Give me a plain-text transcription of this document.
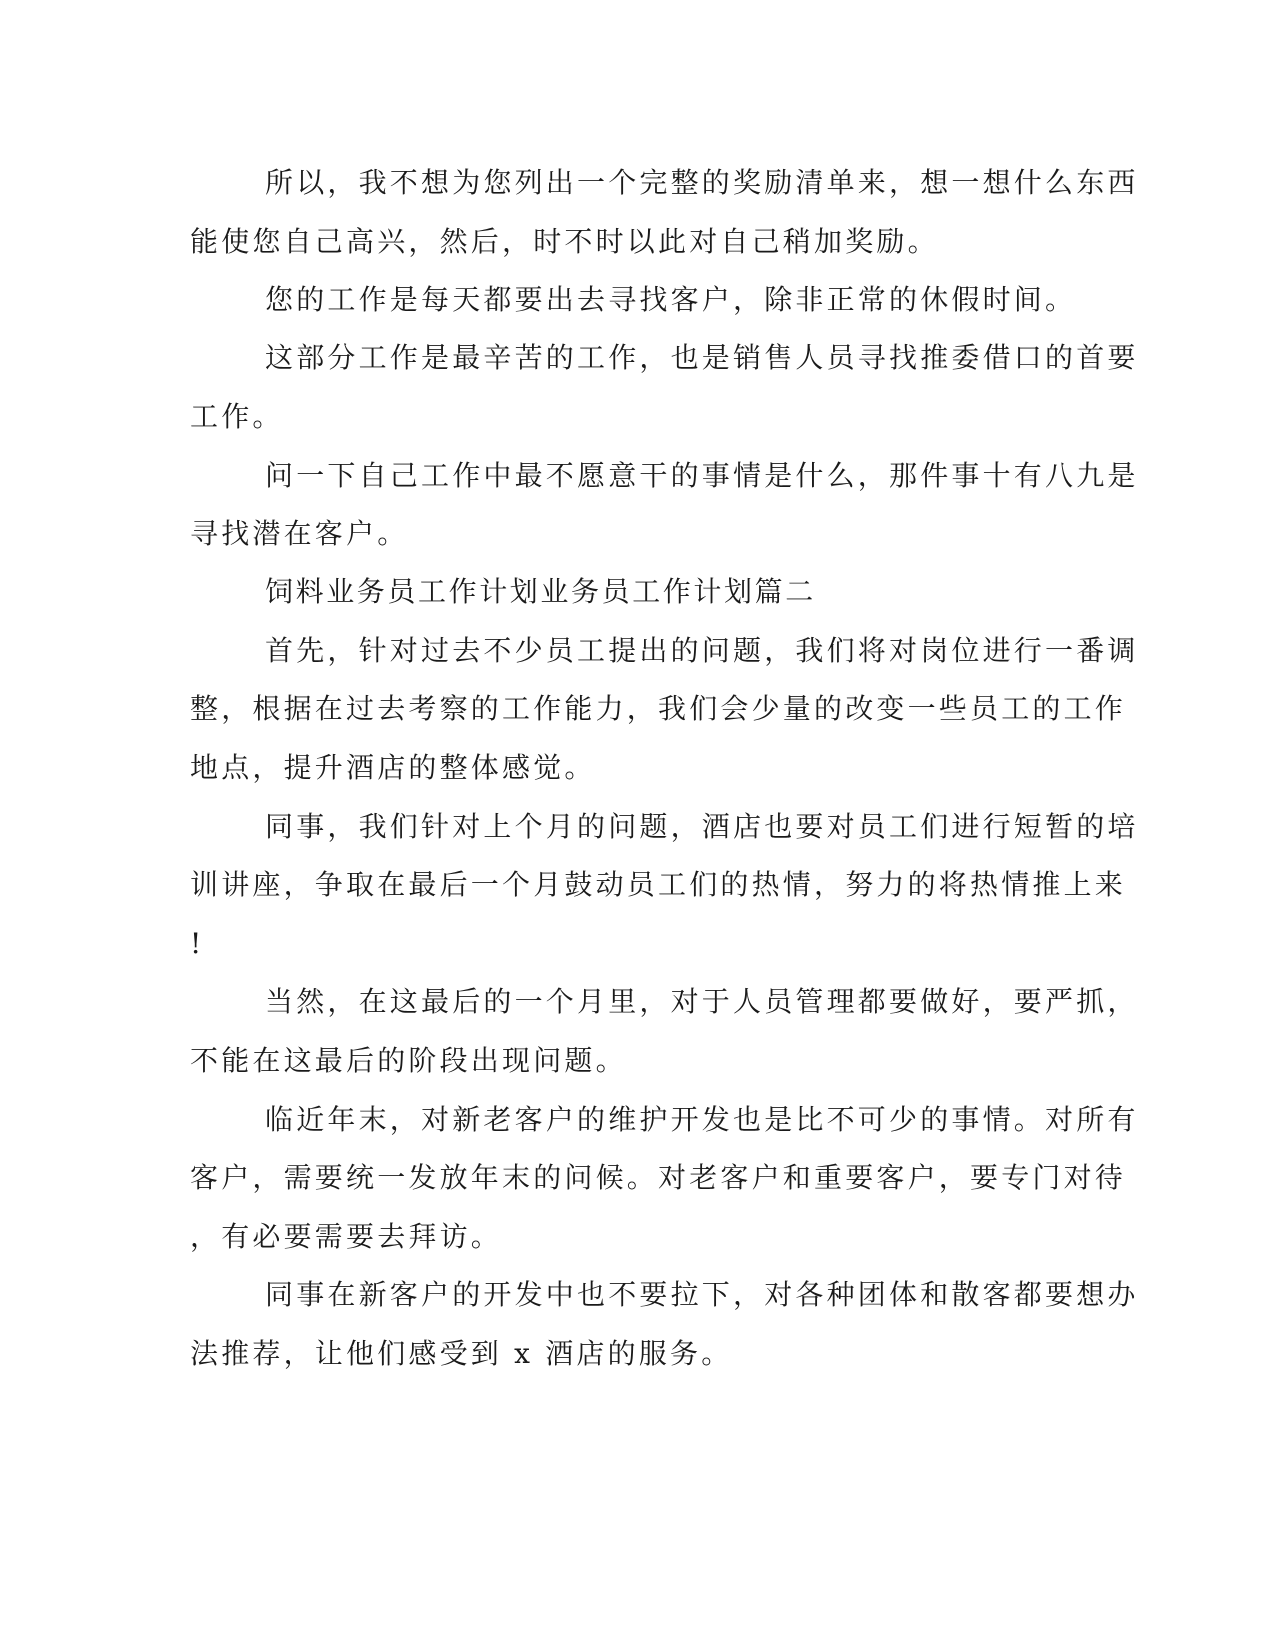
所以，我不想为您列出一个完整的奖励清单来，想一想什么东西
能使您自己高兴，然后，时不时以此对自己稍加奖励。
您的工作是每天都要出去寻找客户，除非正常的休假时间。
这部分工作是最辛苦的工作，也是销售人员寻找推委借口的首要
工作。
问一下自己工作中最不愿意干的事情是什么，那件事十有八九是
寻找潜在客户。
饲料业务员工作计划业务员工作计划篇二
首先，针对过去不少员工提出的问题，我们将对岗位进行一番调
整，根据在过去考察的工作能力，我们会少量的改变一些员工的工作
地点，提升酒店的整体感觉。
同事，我们针对上个月的问题，酒店也要对员工们进行短暂的培
训讲座，争取在最后一个月鼓动员工们的热情，努力的将热情推上来
!
当然，在这最后的一个月里，对于人员管理都要做好，要严抓，
不能在这最后的阶段出现问题。
临近年末，对新老客户的维护开发也是比不可少的事情。对所有
客户，需要统一发放年末的问候。对老客户和重要客户，要专门对待
，有必要需要去拜访。
同事在新客户的开发中也不要拉下，对各种团体和散客都要想办
法推荐，让他们感受到 x 酒店的服务。
